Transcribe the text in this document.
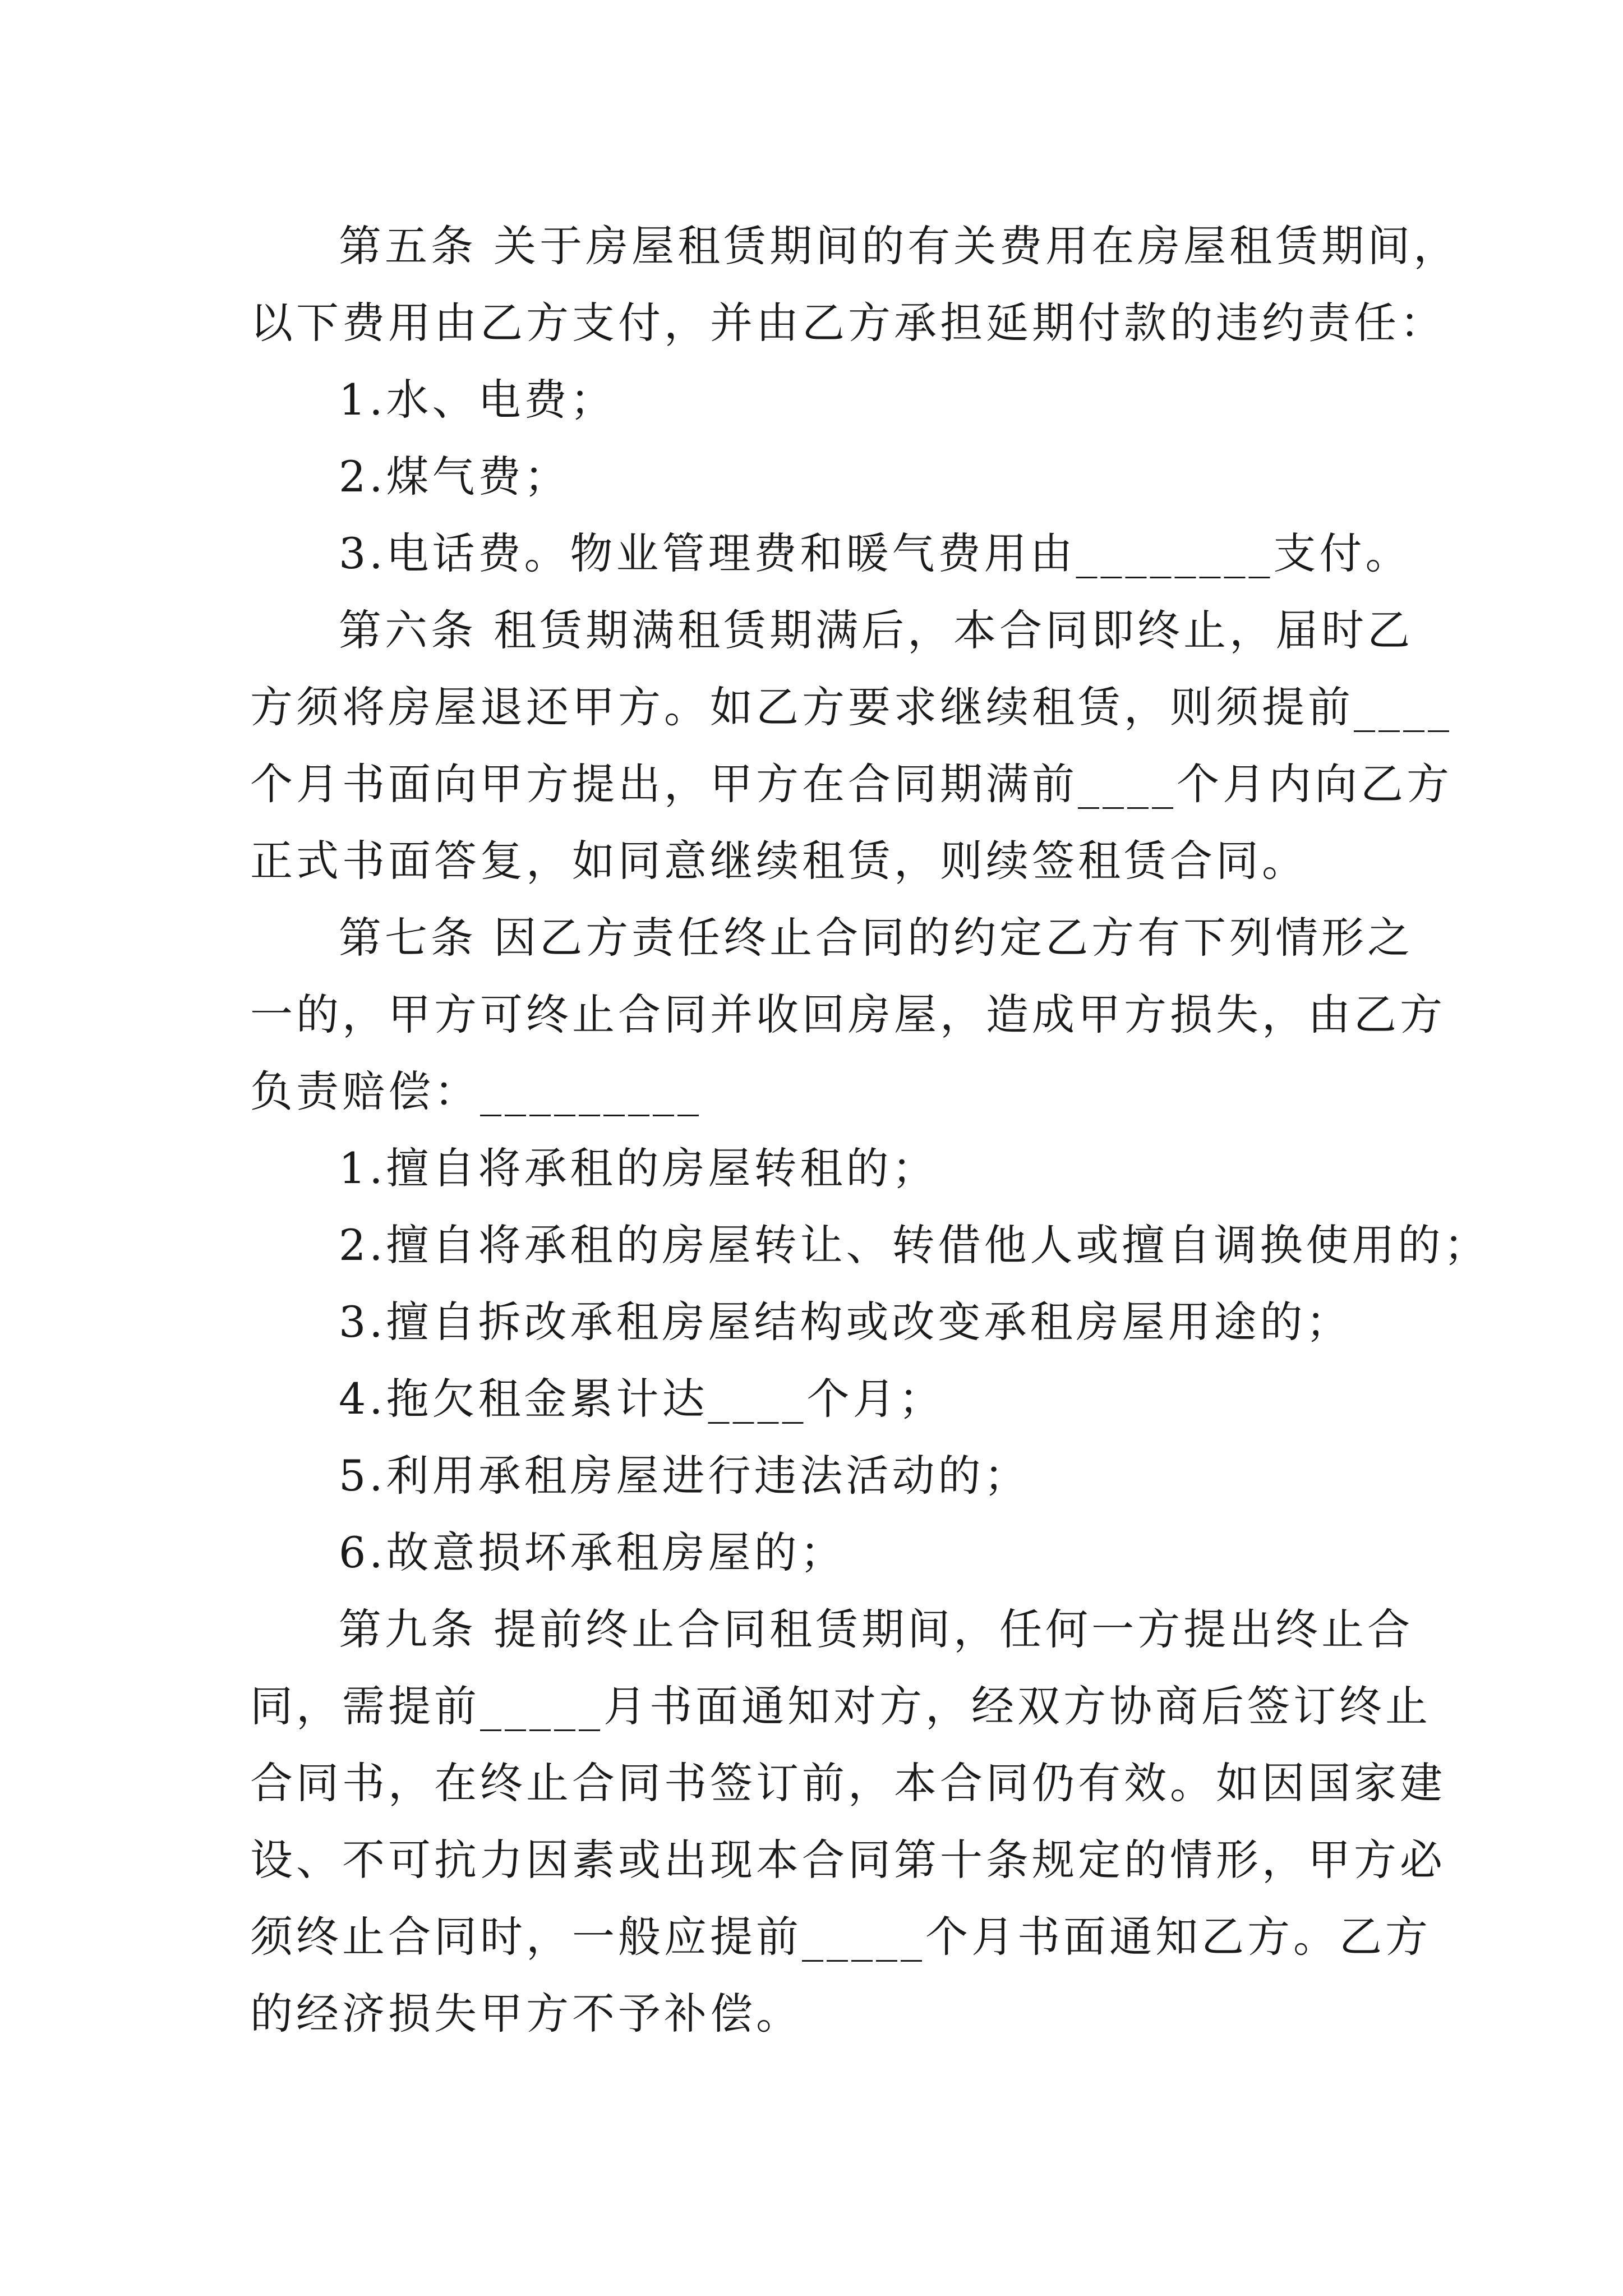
第五条 关于房屋租赁期间的有关费用在房屋租赁期间，
以下费用由乙方支付，并由乙方承担延期付款的违约责任：
1.水、电费；
2.煤气费；
3.电话费。物业管理费和暖气费用由________支付。
第六条 租赁期满租赁期满后，本合同即终止，届时乙
方须将房屋退还甲方。如乙方要求继续租赁，则须提前____
个月书面向甲方提出，甲方在合同期满前____个月内向乙方
正式书面答复，如同意继续租赁，则续签租赁合同。
第七条 因乙方责任终止合同的约定乙方有下列情形之
一的，甲方可终止合同并收回房屋，造成甲方损失，由乙方
负责赔偿：_________
1.擅自将承租的房屋转租的；
2.擅自将承租的房屋转让、转借他人或擅自调换使用的；
3.擅自拆改承租房屋结构或改变承租房屋用途的；
4.拖欠租金累计达____个月；
5.利用承租房屋进行违法活动的；
6.故意损坏承租房屋的；
第九条 提前终止合同租赁期间，任何一方提出终止合
同，需提前_____月书面通知对方，经双方协商后签订终止
合同书，在终止合同书签订前，本合同仍有效。如因国家建
设、不可抗力因素或出现本合同第十条规定的情形，甲方必
须终止合同时，一般应提前_____个月书面通知乙方。乙方
的经济损失甲方不予补偿。
